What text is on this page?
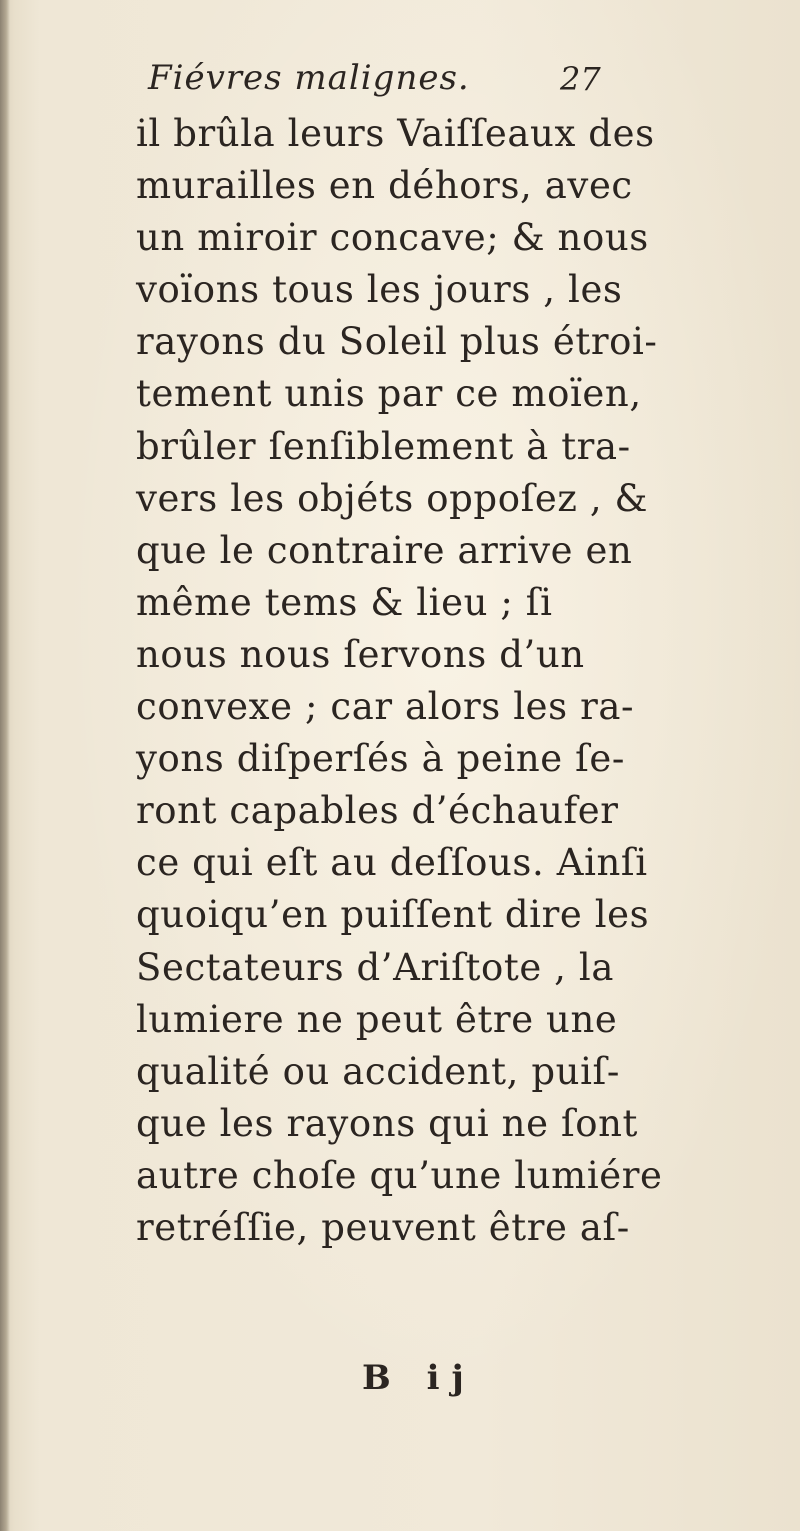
Fiévres malignes.	27
il brûla leurs Vaiſſeaux des
murailles en déhors, avec
un miroir concave; & nous
voïons tous les jours , les
rayons du Soleil plus étroi-
tement unis par ce moïen,
brûler ſenſiblement à tra-
vers les objéts oppoſez , &
que le contraire arrive en
même tems & lieu ; ſi
nous nous ſervons d’un
convexe ; car alors les ra-
yons diſperſés à peine ſe-
ront capables d’échaufer
ce qui eſt au deſſous. Ainſi
quoiqu’en puiſſent dire les
Sectateurs d’Ariſtote , la
lumiere ne peut être une
qualité ou accident, puiſ-
que les rayons qui ne ſont
autre choſe qu’une lumiére
retréſſie, peuvent être aſ-
B ij
